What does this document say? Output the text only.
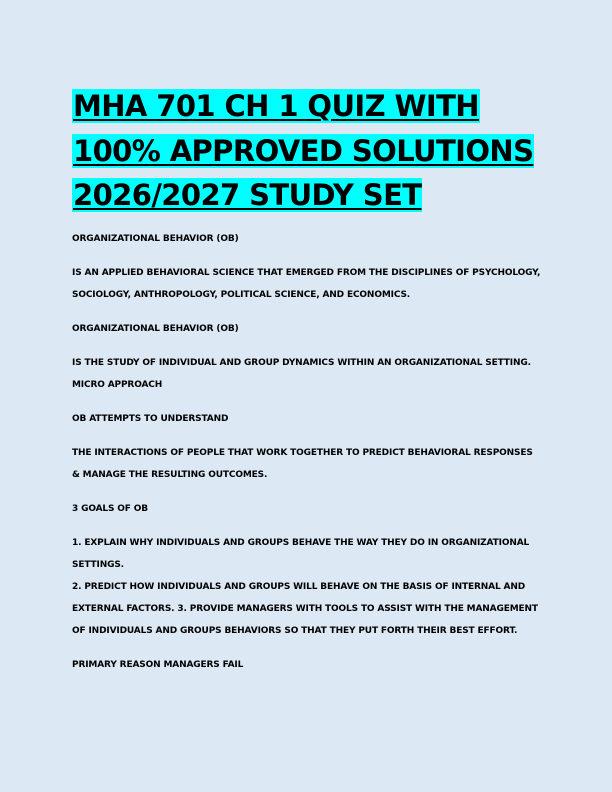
MHA 701 CH 1 QUIZ WITH
100% APPROVED SOLUTIONS
2026/2027 STUDY SET

ORGANIZATIONAL BEHAVIOR (OB)

IS AN APPLIED BEHAVIORAL SCIENCE THAT EMERGED FROM THE DISCIPLINES OF PSYCHOLOGY, SOCIOLOGY, ANTHROPOLOGY, POLITICAL SCIENCE, AND ECONOMICS.

ORGANIZATIONAL BEHAVIOR (OB)

IS THE STUDY OF INDIVIDUAL AND GROUP DYNAMICS WITHIN AN ORGANIZATIONAL SETTING.

MICRO APPROACH

OB ATTEMPTS TO UNDERSTAND

THE INTERACTIONS OF PEOPLE THAT WORK TOGETHER TO PREDICT BEHAVIORAL RESPONSES & MANAGE THE RESULTING OUTCOMES.

3 GOALS OF OB

1. EXPLAIN WHY INDIVIDUALS AND GROUPS BEHAVE THE WAY THEY DO IN ORGANIZATIONAL SETTINGS.

2. PREDICT HOW INDIVIDUALS AND GROUPS WILL BEHAVE ON THE BASIS OF INTERNAL AND EXTERNAL FACTORS. 3. PROVIDE MANAGERS WITH TOOLS TO ASSIST WITH THE MANAGEMENT OF INDIVIDUALS AND GROUPS BEHAVIORS SO THAT THEY PUT FORTH THEIR BEST EFFORT.

PRIMARY REASON MANAGERS FAIL
